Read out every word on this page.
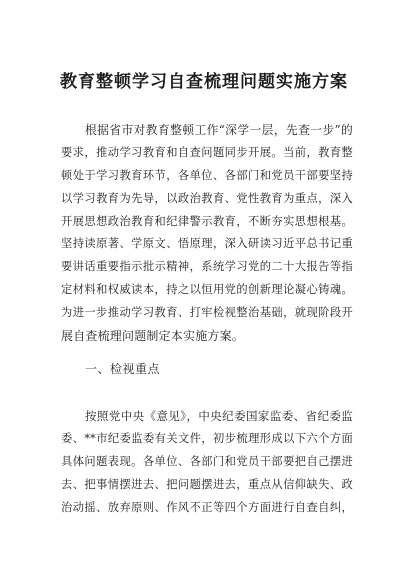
教育整顿学习自查梳理问题实施方案
根据省市对教育整顿工作“深学一层，先查一步”的
要求，推动学习教育和自查问题同步开展。当前，教育整
顿处于学习教育环节，各单位、各部门和党员干部要坚持
以学习教育为先导，以政治教育、党性教育为重点，深入
开展思想政治教育和纪律警示教育，不断夯实思想根基。
坚持读原著、学原文、悟原理，深入研读习近平总书记重
要讲话重要指示批示精神，系统学习党的二十大报告等指
定材料和权威读本，持之以恒用党的创新理论凝心铸魂。
为进一步推动学习教育、打牢检视整治基础，就现阶段开
展自查梳理问题制定本实施方案。
一、检视重点
按照党中央《意见》，中央纪委国家监委、省纪委监
委、**市纪委监委有关文件，初步梳理形成以下六个方面
具体问题表现。各单位、各部门和党员干部要把自己摆进
去、把事情摆进去、把问题摆进去，重点从信仰缺失、政
治动摇、放弃原则、作风不正等四个方面进行自查自纠，
